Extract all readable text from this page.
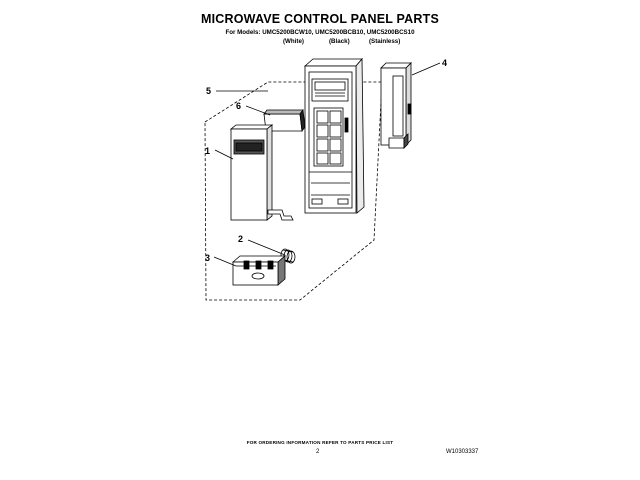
MICROWAVE CONTROL PANEL PARTS
For Models: UMC5200BCW10, UMC5200BCB10, UMC5200BCS10
(White)	(Black)	(Stainless)
1
2
3
4
5
6
FOR ORDERING INFORMATION REFER TO PARTS PRICE LIST
2	W10303337
